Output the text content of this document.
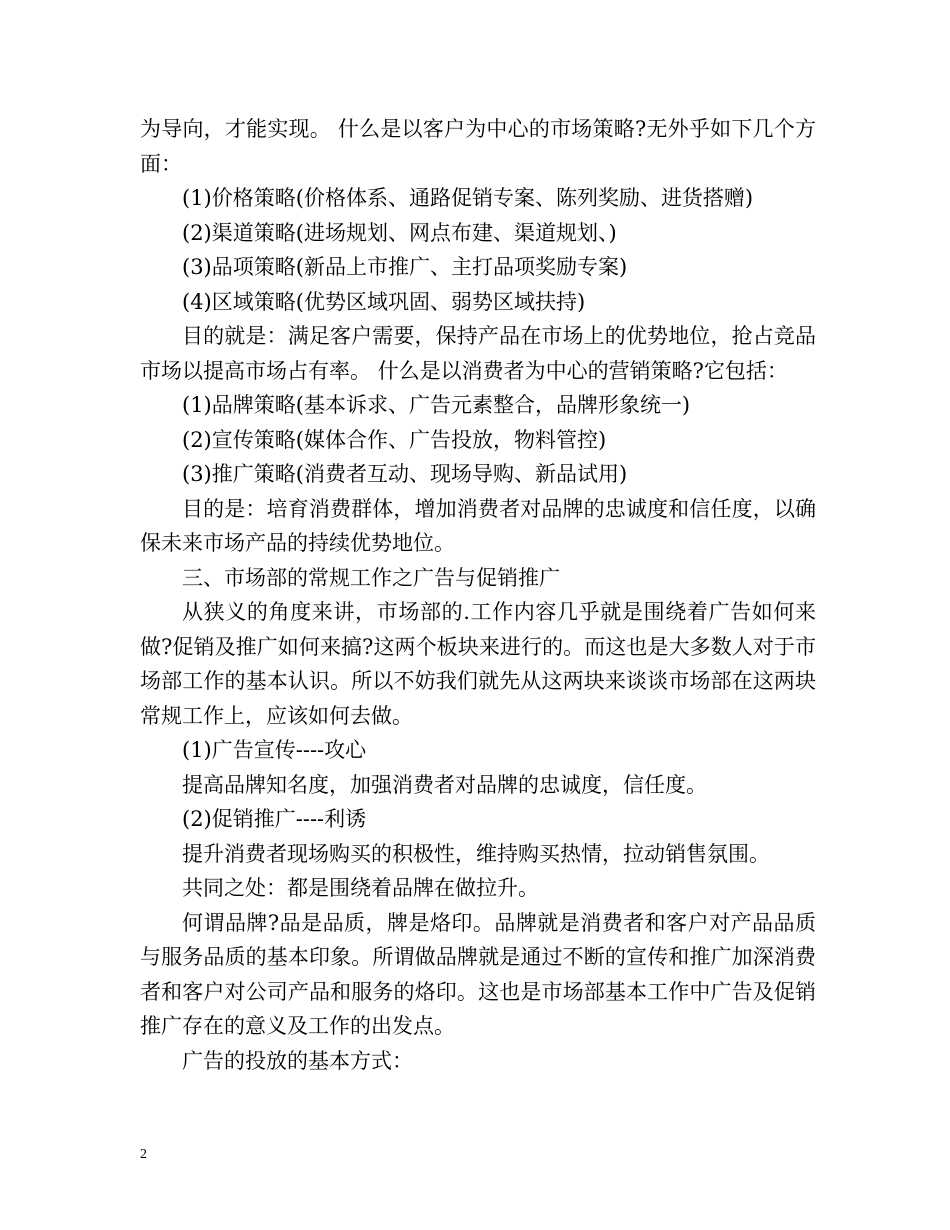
为导向，才能实现。 什么是以客户为中心的市场策略?无外乎如下几个方面：

(1)价格策略(价格体系、通路促销专案、陈列奖励、进货搭赠)

(2)渠道策略(进场规划、网点布建、渠道规划、)

(3)品项策略(新品上市推广、主打品项奖励专案)

(4)区域策略(优势区域巩固、弱势区域扶持)

目的就是：满足客户需要，保持产品在市场上的优势地位，抢占竞品市场以提高市场占有率。 什么是以消费者为中心的营销策略?它包括：

(1)品牌策略(基本诉求、广告元素整合，品牌形象统一)

(2)宣传策略(媒体合作、广告投放，物料管控)

(3)推广策略(消费者互动、现场导购、新品试用)

目的是：培育消费群体，增加消费者对品牌的忠诚度和信任度，以确保未来市场产品的持续优势地位。

三、市场部的常规工作之广告与促销推广

从狭义的角度来讲，市场部的.工作内容几乎就是围绕着广告如何来做?促销及推广如何来搞?这两个板块来进行的。而这也是大多数人对于市场部工作的基本认识。所以不妨我们就先从这两块来谈谈市场部在这两块常规工作上，应该如何去做。

(1)广告宣传----攻心

提高品牌知名度，加强消费者对品牌的忠诚度，信任度。

(2)促销推广----利诱

提升消费者现场购买的积极性，维持购买热情，拉动销售氛围。

共同之处：都是围绕着品牌在做拉升。

何谓品牌?品是品质，牌是烙印。品牌就是消费者和客户对产品品质与服务品质的基本印象。所谓做品牌就是通过不断的宣传和推广加深消费者和客户对公司产品和服务的烙印。这也是市场部基本工作中广告及促销推广存在的意义及工作的出发点。

广告的投放的基本方式：

2
